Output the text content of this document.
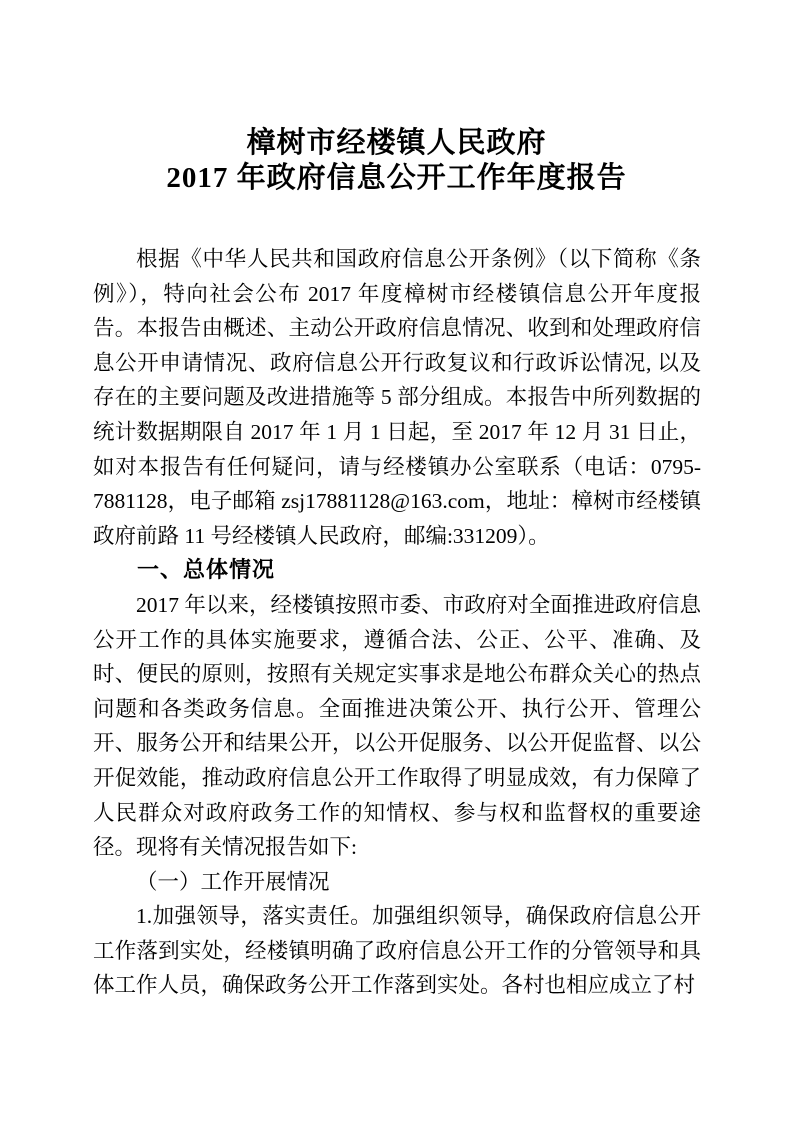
樟树市经楼镇人民政府
2017 年政府信息公开工作年度报告

根据《中华人民共和国政府信息公开条例》（以下简称《条例》），特向社会公布 2017 年度樟树市经楼镇信息公开年度报告。本报告由概述、主动公开政府信息情况、收到和处理政府信息公开申请情况、政府信息公开行政复议和行政诉讼情况, 以及存在的主要问题及改进措施等 5 部分组成。本报告中所列数据的统计数据期限自 2017 年 1 月 1 日起，至 2017 年 12 月 31 日止，如对本报告有任何疑问，请与经楼镇办公室联系（电话：0795-7881128，电子邮箱 zsj17881128@163.com，地址：樟树市经楼镇政府前路 11 号经楼镇人民政府，邮编:331209）。

一、总体情况

2017 年以来，经楼镇按照市委、市政府对全面推进政府信息公开工作的具体实施要求，遵循合法、公正、公平、准确、及时、便民的原则，按照有关规定实事求是地公布群众关心的热点问题和各类政务信息。全面推进决策公开、执行公开、管理公开、服务公开和结果公开，以公开促服务、以公开促监督、以公开促效能，推动政府信息公开工作取得了明显成效，有力保障了人民群众对政府政务工作的知情权、参与权和监督权的重要途径。现将有关情况报告如下:

（一）工作开展情况

1.加强领导，落实责任。加强组织领导，确保政府信息公开工作落到实处，经楼镇明确了政府信息公开工作的分管领导和具体工作人员，确保政务公开工作落到实处。各村也相应成立了村
